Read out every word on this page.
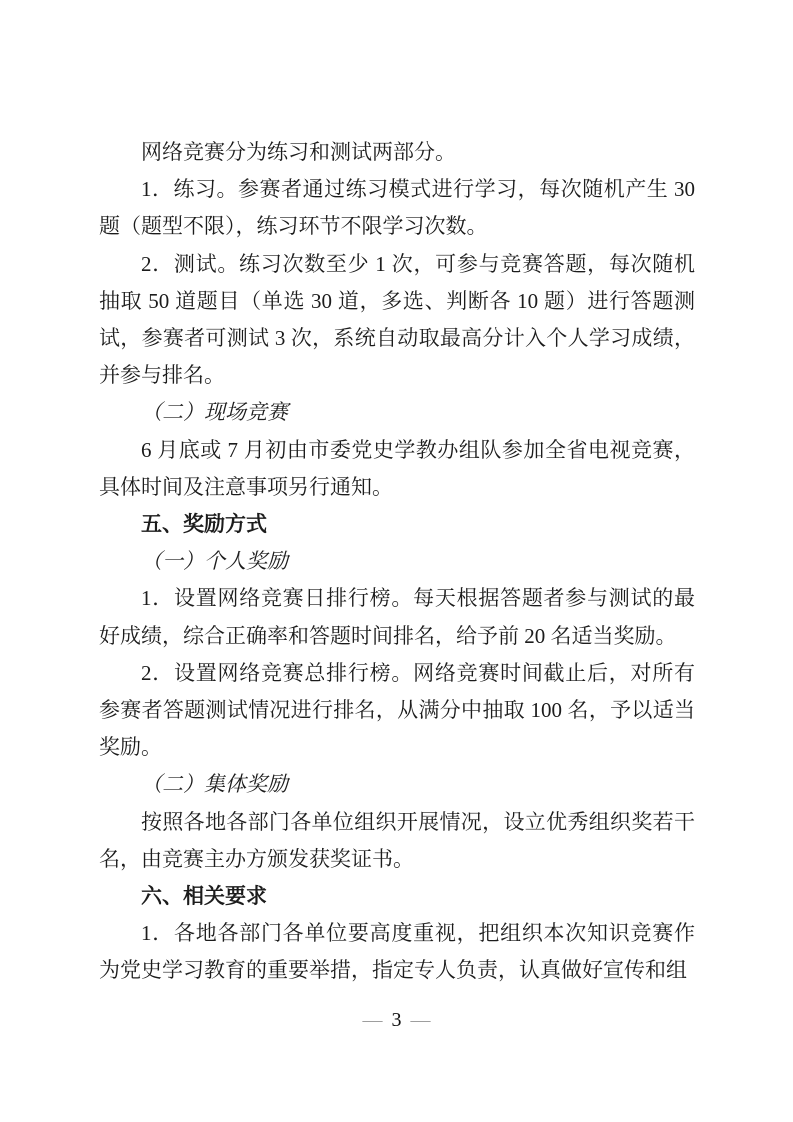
网络竞赛分为练习和测试两部分。

1．练习。参赛者通过练习模式进行学习，每次随机产生 30 题（题型不限），练习环节不限学习次数。

2．测试。练习次数至少 1 次，可参与竞赛答题，每次随机抽取 50 道题目（单选 30 道，多选、判断各 10 题）进行答题测试，参赛者可测试 3 次，系统自动取最高分计入个人学习成绩，并参与排名。

（二）现场竞赛

6 月底或 7 月初由市委党史学教办组队参加全省电视竞赛，具体时间及注意事项另行通知。

五、奖励方式

（一）个人奖励

1．设置网络竞赛日排行榜。每天根据答题者参与测试的最好成绩，综合正确率和答题时间排名，给予前 20 名适当奖励。

2．设置网络竞赛总排行榜。网络竞赛时间截止后，对所有参赛者答题测试情况进行排名，从满分中抽取 100 名，予以适当奖励。

（二）集体奖励

按照各地各部门各单位组织开展情况，设立优秀组织奖若干名，由竞赛主办方颁发获奖证书。

六、相关要求

1．各地各部门各单位要高度重视，把组织本次知识竞赛作为党史学习教育的重要举措，指定专人负责，认真做好宣传和组

— 3 —
